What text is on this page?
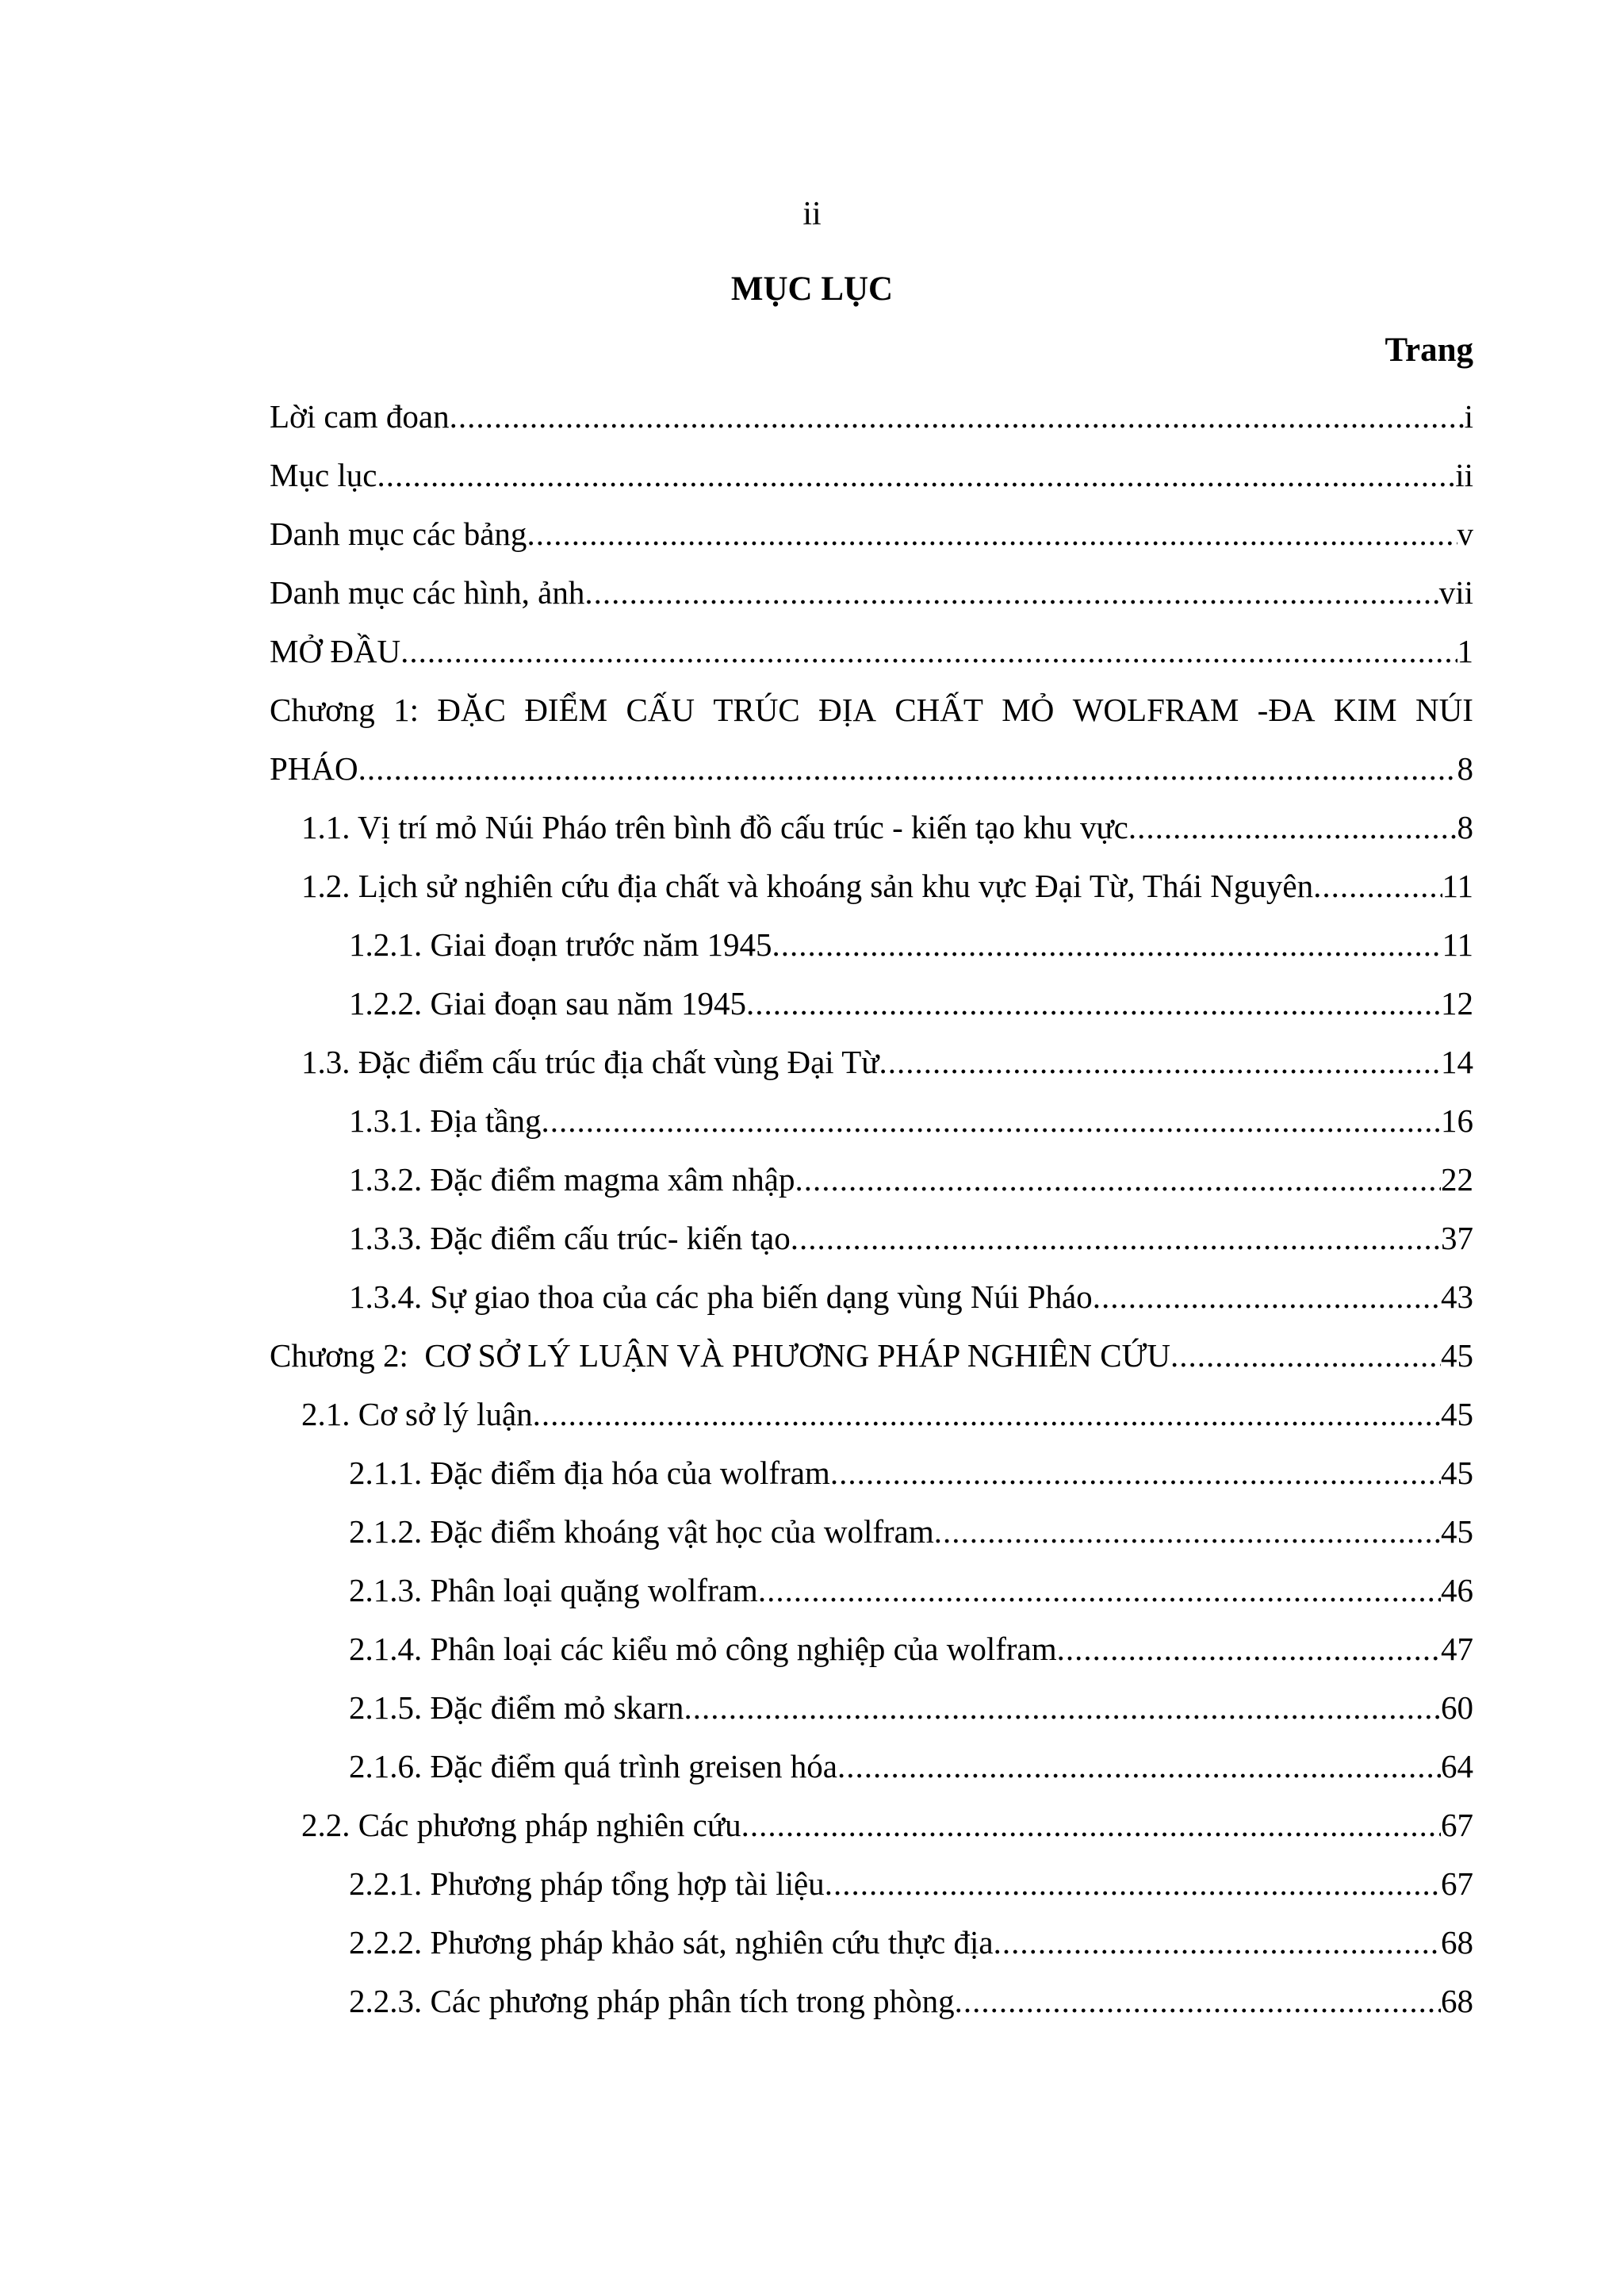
ii
MỤC LỤC
Trang
Lời cam đoan .....	i
Mục lục .....	ii
Danh mục các bảng .....	v
Danh mục các hình, ảnh .....	vii
MỞ ĐẦU .....	1
Chương 1: ĐẶC ĐIỂM CẤU TRÚC ĐỊA CHẤT MỎ WOLFRAM -ĐA KIM NÚI
PHÁO .....	8
1.1. Vị trí mỏ Núi Pháo trên bình đồ cấu trúc - kiến tạo khu vực .....	8
1.2. Lịch sử nghiên cứu địa chất và khoáng sản khu vực Đại Từ, Thái Nguyên .....	11
1.2.1. Giai đoạn trước năm 1945 .....	11
1.2.2. Giai đoạn sau năm 1945 .....	12
1.3. Đặc điểm cấu trúc địa chất vùng Đại Từ .....	14
1.3.1. Địa tầng .....	16
1.3.2. Đặc điểm magma xâm nhập .....	22
1.3.3. Đặc điểm cấu trúc- kiến tạo .....	37
1.3.4. Sự giao thoa của các pha biến dạng vùng Núi Pháo .....	43
Chương 2:  CƠ SỞ LÝ LUẬN VÀ PHƯƠNG PHÁP NGHIÊN CỨU .....	45
2.1. Cơ sở lý luận .....	45
2.1.1. Đặc điểm địa hóa của wolfram .....	45
2.1.2. Đặc điểm khoáng vật học của wolfram .....	45
2.1.3. Phân loại quặng wolfram .....	46
2.1.4. Phân loại các kiểu mỏ công nghiệp của wolfram .....	47
2.1.5. Đặc điểm mỏ skarn .....	60
2.1.6. Đặc điểm quá trình greisen hóa .....	64
2.2. Các phương pháp nghiên cứu .....	67
2.2.1. Phương pháp tổng hợp tài liệu .....	67
2.2.2. Phương pháp khảo sát, nghiên cứu thực địa .....	68
2.2.3. Các phương pháp phân tích trong phòng .....	68
